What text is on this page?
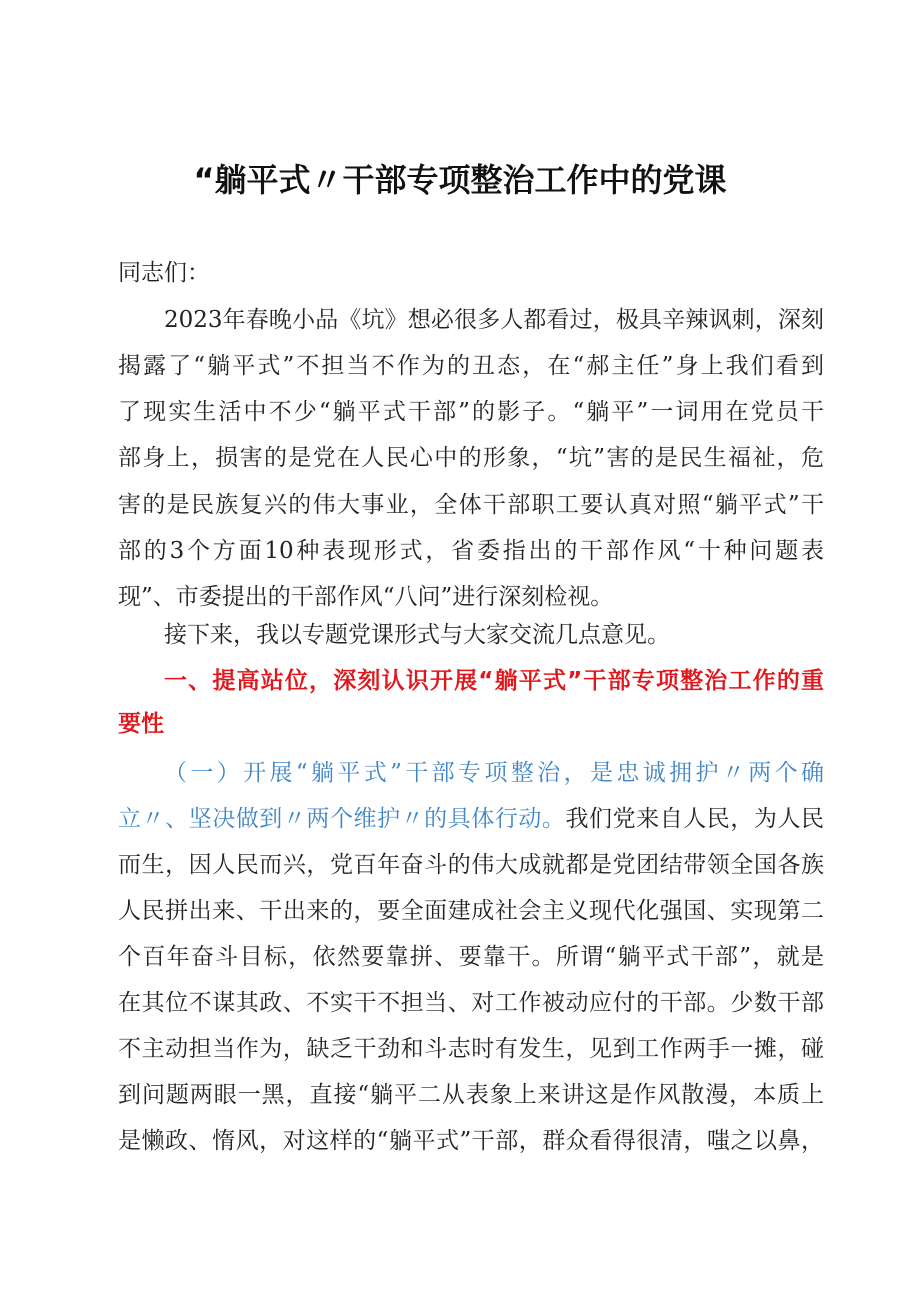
“躺平式〃干部专项整治工作中的党课
同志们：
2023年春晚小品《坑》想必很多人都看过，极具辛辣讽刺，深刻
揭露了“躺平式”不担当不作为的丑态，在“郝主任”身上我们看到
了现实生活中不少“躺平式干部”的影子。“躺平”一词用在党员干
部身上，损害的是党在人民心中的形象，“坑”害的是民生福祉，危
害的是民族复兴的伟大事业，全体干部职工要认真对照“躺平式”干
部的3个方面10种表现形式，省委指出的干部作风“十种问题表
现”、市委提出的干部作风“八问”进行深刻检视。
接下来，我以专题党课形式与大家交流几点意见。
一、提高站位，深刻认识开展“躺平式”干部专项整治工作的重
要性
（一）开展“躺平式”干部专项整治，是忠诚拥护〃两个确
立〃、坚决做到〃两个维护〃的具体行动。我们党来自人民，为人民
而生，因人民而兴，党百年奋斗的伟大成就都是党团结带领全国各族
人民拼出来、干出来的，要全面建成社会主义现代化强国、实现第二
个百年奋斗目标，依然要靠拼、要靠干。所谓“躺平式干部”，就是
在其位不谋其政、不实干不担当、对工作被动应付的干部。少数干部
不主动担当作为，缺乏干劲和斗志时有发生，见到工作两手一摊，碰
到问题两眼一黑，直接“躺平二从表象上来讲这是作风散漫，本质上
是懒政、惰风，对这样的“躺平式”干部，群众看得很清，嗤之以鼻，
